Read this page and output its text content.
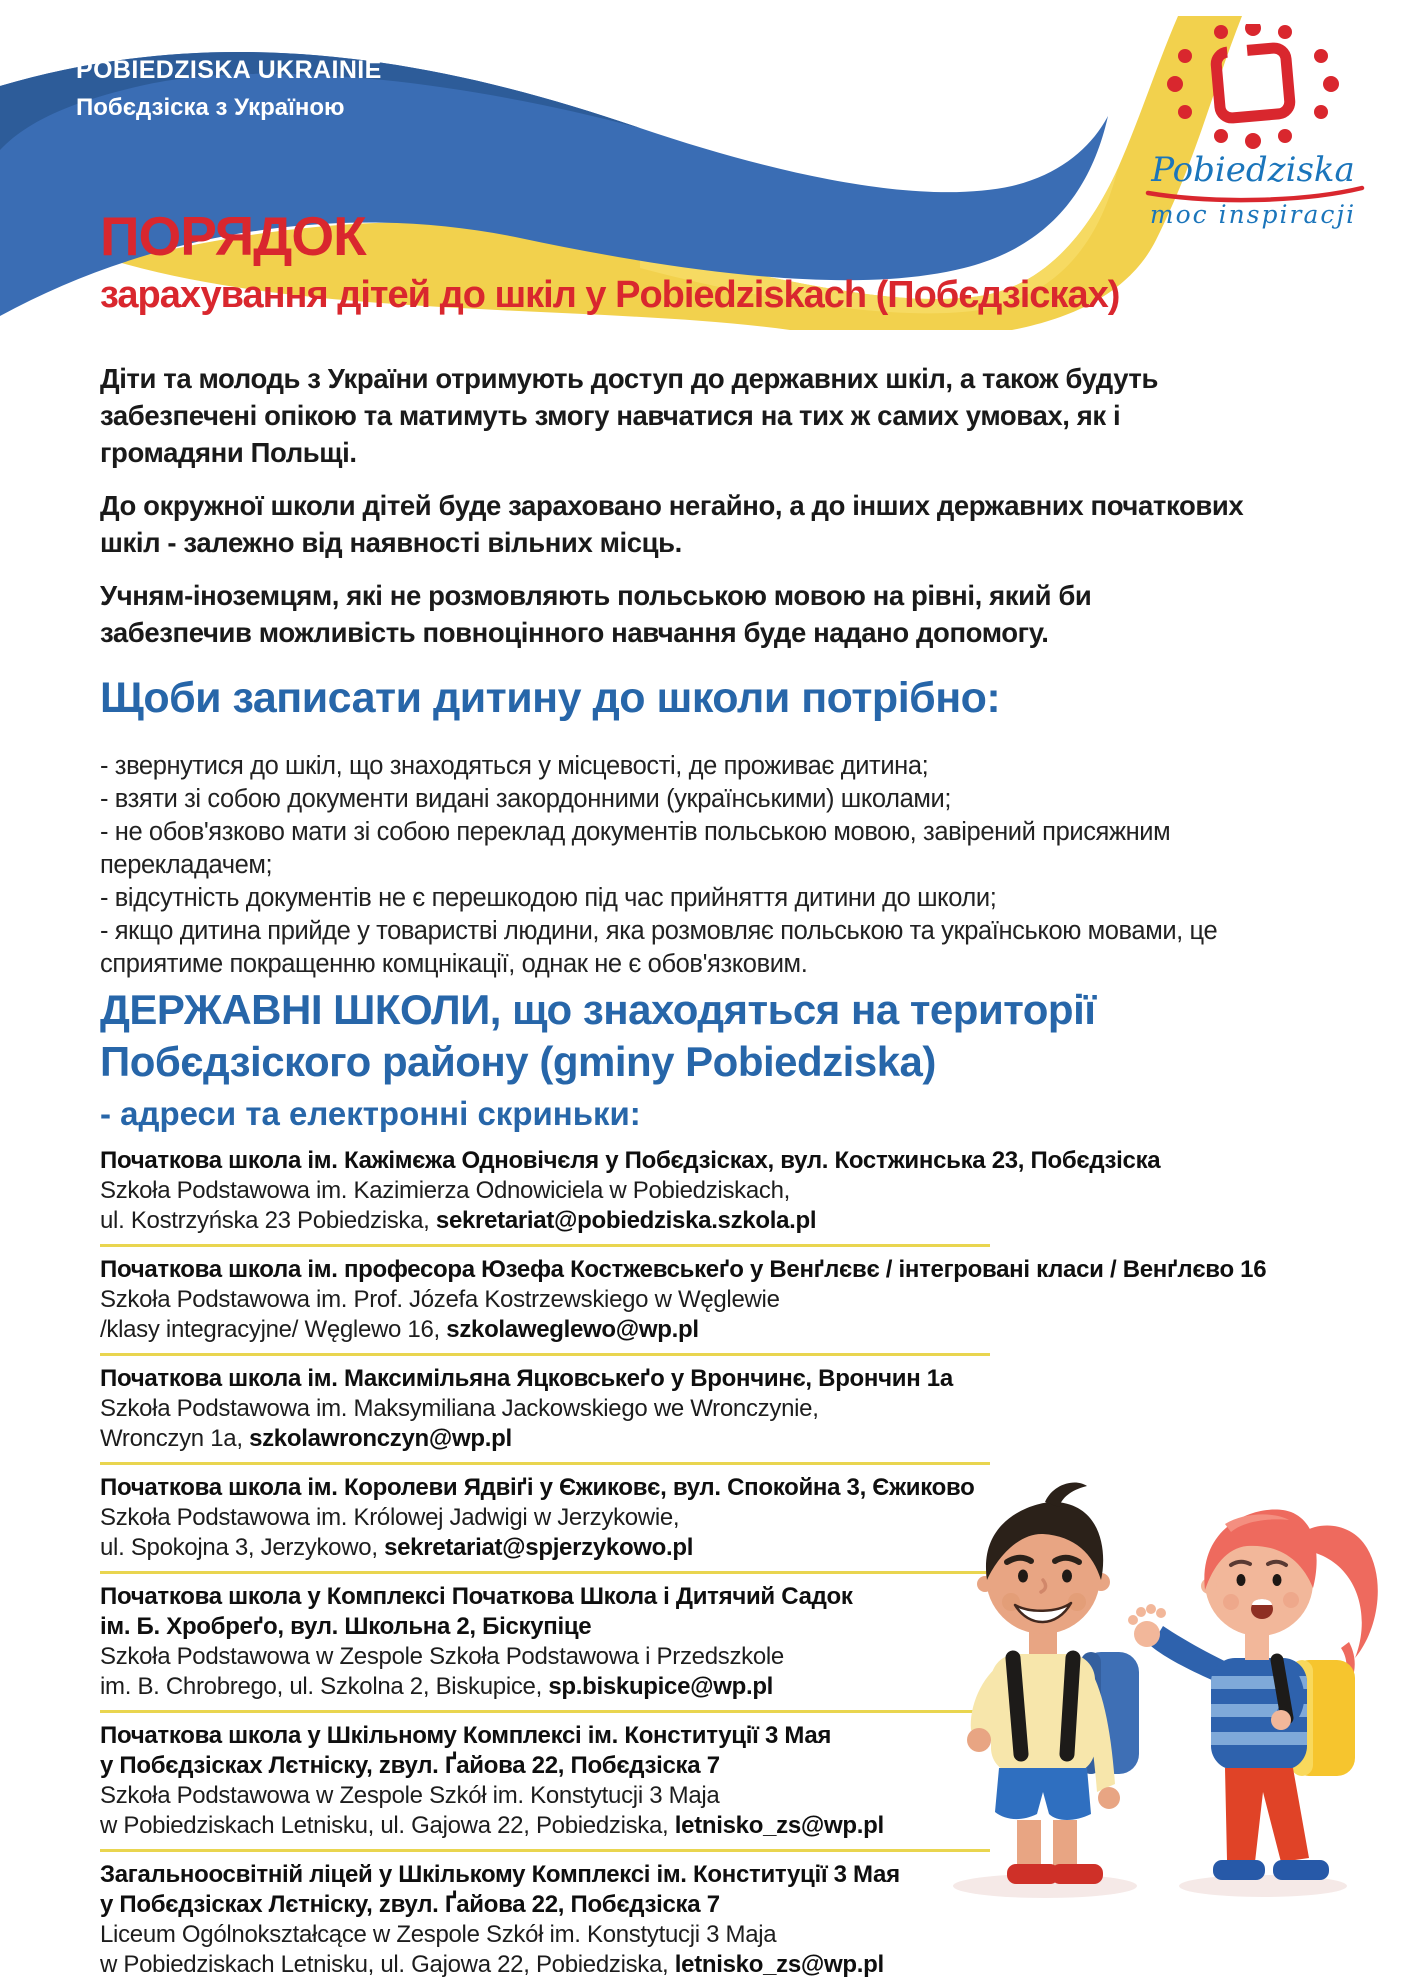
POBIEDZISKA UKRAINIE
Побєдзіска з Україною
Pobiedziska
moc inspiracji
ПОРЯДОК
зарахування дітей до шкіл у Pobiedziskach (Побєдзісках)

Діти та молодь з України отримують доступ до державних шкіл, а також будуть забезпечені опікою та матимуть змогу навчатися на тих ж самих умовах, як і громадяни Польщі.

До окружної школи дітей буде зараховано негайно, а до інших державних початкових шкіл - залежно від наявності вільних місць.

Учням-іноземцям, які не розмовляють польською мовою на рівні, який би забезпечив можливість повноцінного навчання буде надано допомогу.

Щоби записати дитину до школи потрібно:
- звернутися до шкіл, що знаходяться у місцевості, де проживає дитина;
- взяти зі собою документи видані закордонними (українськими) школами;
- не обов'язково мати зі собою переклад документів польською мовою, завірений присяжним перекладачем;
- відсутність документів не є перешкодою під час прийняття дитини до школи;
- якщо дитина прийде у товаристві людини, яка розмовляє польською та українською мовами, це сприятиме покращенню комцнікації, однак не є обов'язковим.
ДЕРЖАВНІ ШКОЛИ, що знаходяться на території
Побєдзіского району (gminy Pobiedziska)
- адреси та електронні скриньки:
Початкова школа ім. Кажімєжа Одновічєля у Побєдзісках, вул. Костжинська 23, Побєдзіска
Szkoła Podstawowa im. Kazimierza Odnowiciela w Pobiedziskach,
ul. Kostrzyńska 23 Pobiedziska, sekretariat@pobiedziska.szkola.pl
Початкова школа ім. професора Юзефа Костжевськеґо у Венґлєвє / інтегровані класи / Венґлєво 16
Szkoła Podstawowa im. Prof. Józefa Kostrzewskiego w Węglewie
/klasy integracyjne/ Węglewo 16, szkolaweglewo@wp.pl
Початкова школа ім. Максимільяна Яцковськеґо у Врончинє, Врончин 1а
Szkoła Podstawowa im. Maksymiliana Jackowskiego we Wronczynie,
Wronczyn 1a, szkolawronczyn@wp.pl
Початкова школа ім. Королеви Ядвіґі у Єжиковє, вул. Спокойна 3, Єжиково
Szkoła Podstawowa im. Królowej Jadwigi w Jerzykowie,
ul. Spokojna 3, Jerzykowo, sekretariat@spjerzykowo.pl
Початкова школа у Комплексі Початкова Школа і Дитячий Садок
ім. Б. Хробреґо, вул. Школьна 2, Біскупіце
Szkoła Podstawowa w Zespole Szkoła Podstawowa i Przedszkole
im. B. Chrobrego, ul. Szkolna 2, Biskupice, sp.biskupice@wp.pl
Початкова школа у Шкільному Комплексі ім. Конституції 3 Мая
у Побєдзісках Лєтніску, zвул. Ґайова 22, Побєдзіска 7
Szkoła Podstawowa w Zespole Szkół im. Konstytucji 3 Maja
w Pobiedziskach Letnisku, ul. Gajowa 22, Pobiedziska, letnisko_zs@wp.pl
Загальноосвітній ліцей у Шкількому Комплексі ім. Конституції 3 Мая
у Побєдзісках Лєтніску, zвул. Ґайова 22, Побєдзіска 7
Liceum Ogólnokształcące w Zespole Szkół im. Konstytucji 3 Maja
w Pobiedziskach Letnisku, ul. Gajowa 22, Pobiedziska, letnisko_zs@wp.pl
